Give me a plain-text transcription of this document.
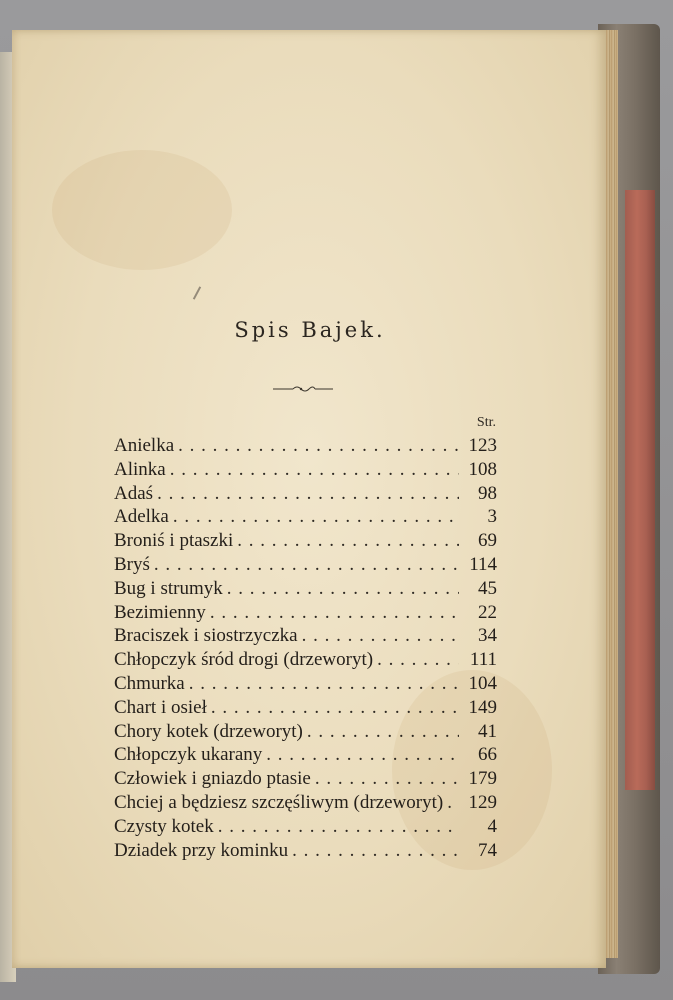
Spis Bajek.
Str.
Anielka . . .	123
Alinka . . .	108
Adaś . . .	98
Adelka . . .	3
Broniś i ptaszki . . .	69
Bryś . . .	114
Bug i strumyk . . .	45
Bezimienny . . .	22
Braciszek i siostrzyczka . . .	34
Chłopczyk śród drogi (drzeworyt) . . .	111
Chmurka . . .	104
Chart i osieł . . .	149
Chory kotek (drzeworyt) . . .	41
Chłopczyk ukarany . . .	66
Człowiek i gniazdo ptasie . . .	179
Chciej a będziesz szczęśliwym (drzeworyt) . . .	129
Czysty kotek . . .	4
Dziadek przy kominku . . .	74
